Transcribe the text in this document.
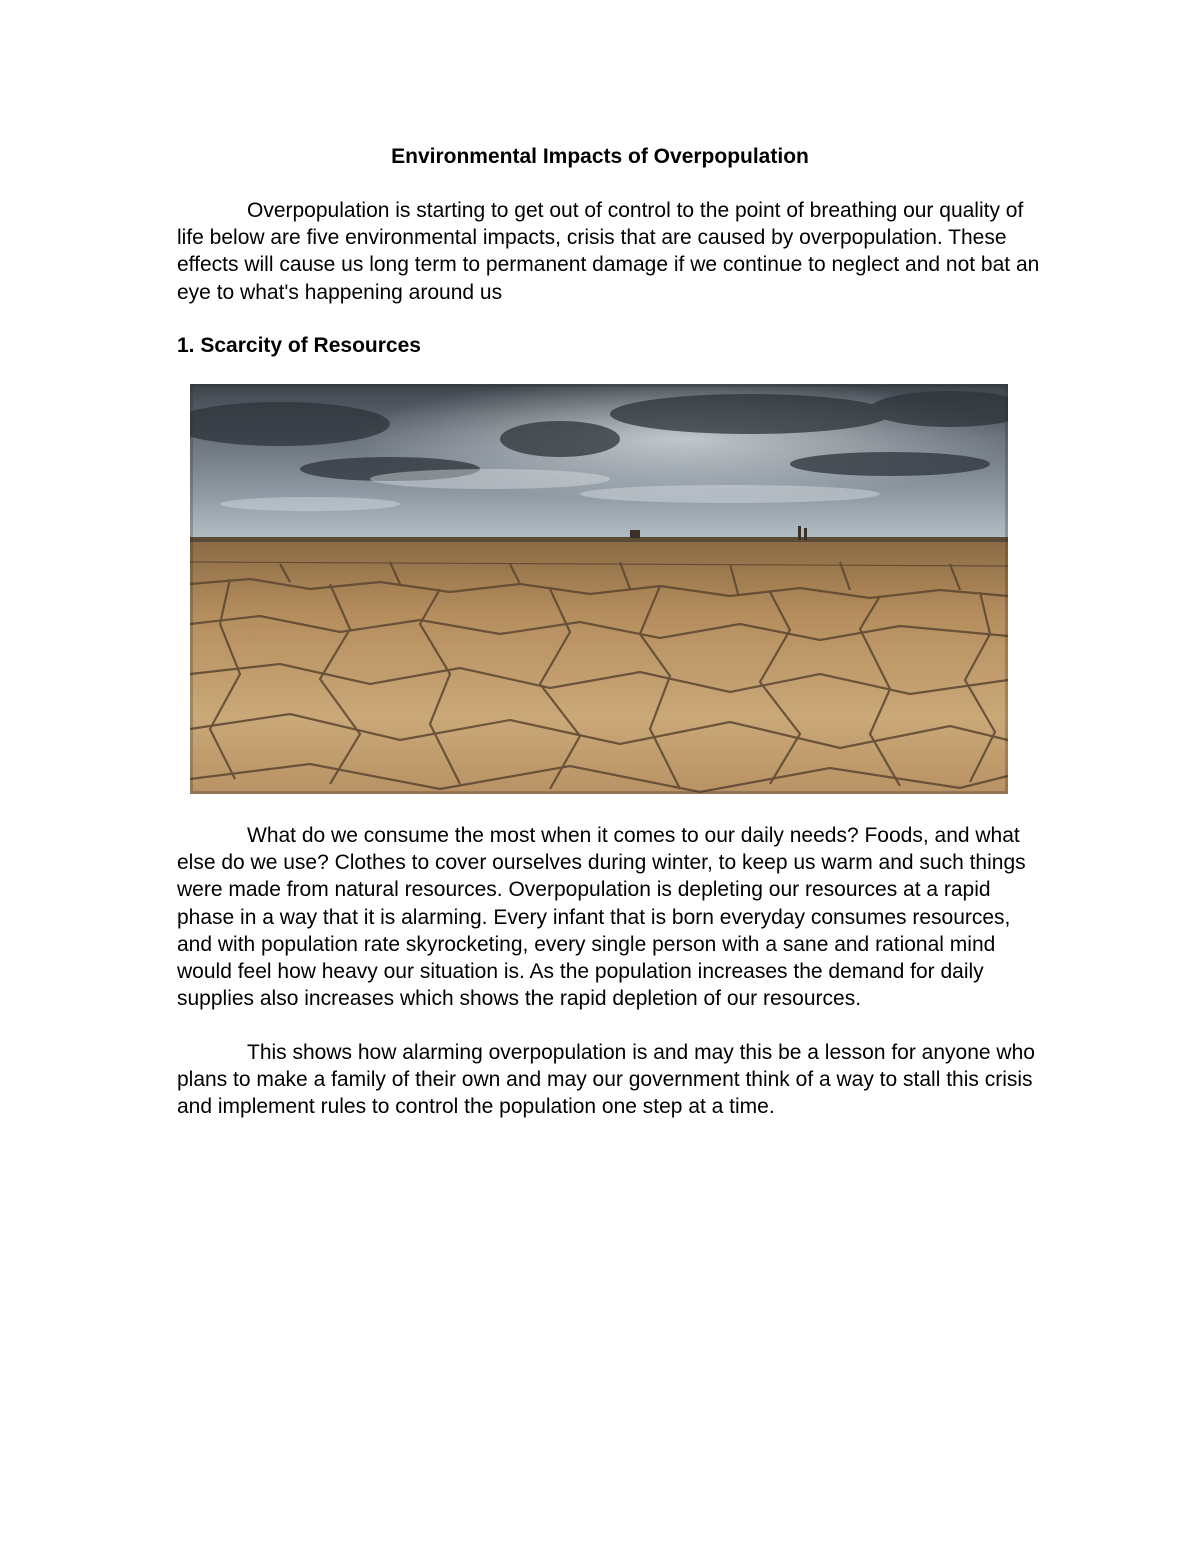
Environmental Impacts of Overpopulation

Overpopulation is starting to get out of control to the point of breathing our quality of life below are five environmental impacts, crisis that are caused by overpopulation. These effects will cause us long term to permanent damage if we continue to neglect and not bat an eye to what's happening around us

1. Scarcity of Resources

What do we consume the most when it comes to our daily needs? Foods, and what else do we use? Clothes to cover ourselves during winter, to keep us warm and such things were made from natural resources. Overpopulation is depleting our resources at a rapid phase in a way that it is alarming. Every infant that is born everyday consumes resources, and with population rate skyrocketing, every single person with a sane and rational mind would feel how heavy our situation is. As the population increases the demand for daily supplies also increases which shows the rapid depletion of our resources.

This shows how alarming overpopulation is and may this be a lesson for anyone who plans to make a family of their own and may our government think of a way to stall this crisis and implement rules to control the population one step at a time.
